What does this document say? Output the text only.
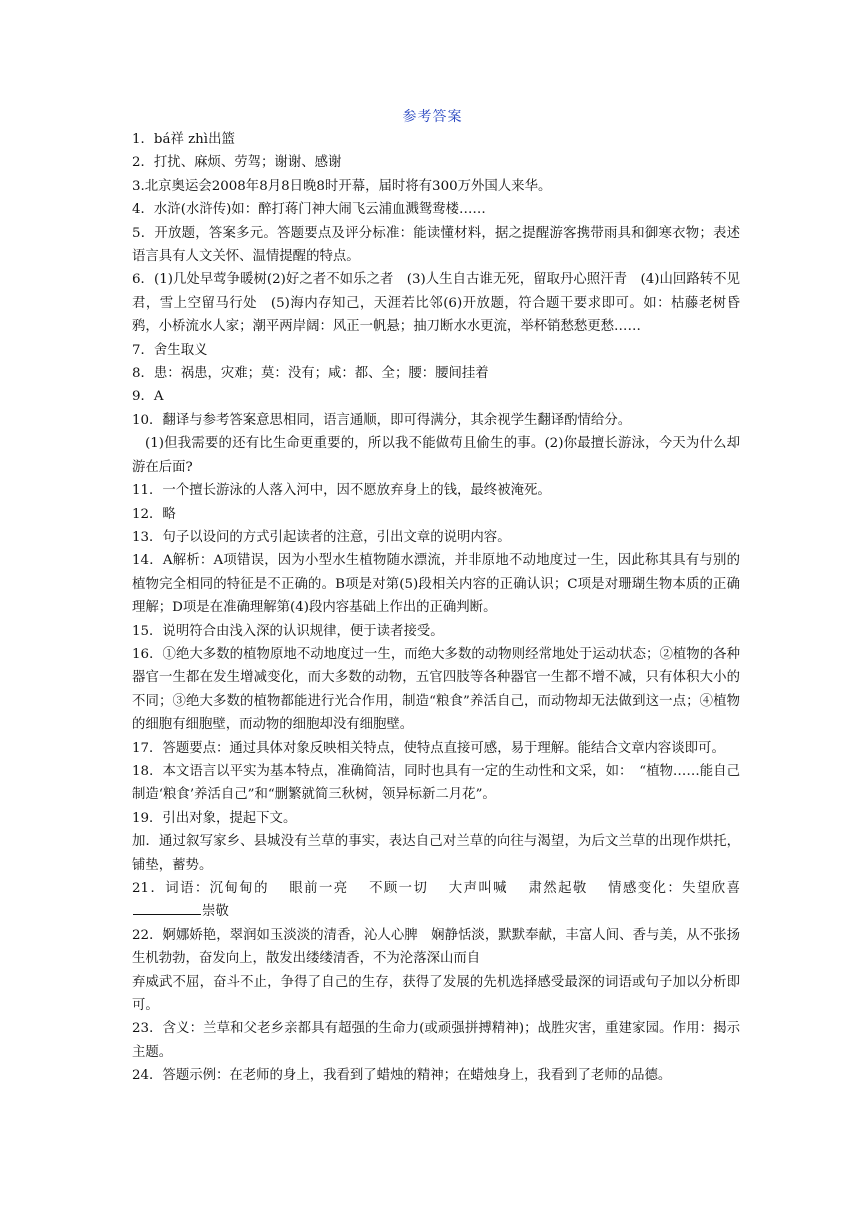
参考答案

1．bá祥 zhì出篮

2．打扰、麻烦、劳驾；谢谢、感谢

3.北京奥运会2008年8月8日晚8时开幕，届时将有300万外国人来华。

4．水浒(水浒传)如：醉打蒋门神大闹飞云浦血溅鸳鸯楼……

5．开放题，答案多元。答题要点及评分标准：能读懂材料，据之提醒游客携带雨具和御寒衣物；表述语言具有人文关怀、温情提醒的特点。

6．(1)几处早莺争暖树(2)好之者不如乐之者　(3)人生自古谁无死，留取丹心照汗青　(4)山回路转不见君，雪上空留马行处　(5)海内存知己，天涯若比邻(6)开放题，符合题干要求即可。如：枯藤老树昏鸦，小桥流水人家；潮平两岸阔：风正一帆悬；抽刀断水水更流，举杯销愁愁更愁……

7．舍生取义

8．患：祸患，灾难；莫：没有；咸：都、全；腰：腰间挂着

9．A

10．翻译与参考答案意思相同，语言通顺，即可得满分，其余视学生翻译酌情给分。

(1)但我需要的还有比生命更重要的，所以我不能做苟且偷生的事。(2)你最擅长游泳，今天为什么却游在后面?

11．一个擅长游泳的人落入河中，因不愿放弃身上的钱，最终被淹死。

12．略

13．句子以设问的方式引起读者的注意，引出文章的说明内容。

14．A解析：A项错误，因为小型水生植物随水漂流，并非原地不动地度过一生，因此称其具有与别的植物完全相同的特征是不正确的。B项是对第(5)段相关内容的正确认识；C项是对珊瑚生物本质的正确理解；D项是在准确理解第(4)段内容基础上作出的正确判断。

15．说明符合由浅入深的认识规律，便于读者接受。

16．①绝大多数的植物原地不动地度过一生，而绝大多数的动物则经常地处于运动状态；②植物的各种器官一生都在发生增减变化，而大多数的动物，五官四肢等各种器官一生都不增不减，只有体积大小的不同；③绝大多数的植物都能进行光合作用，制造“粮食”养活自己，而动物却无法做到这一点；④植物的细胞有细胞壁，而动物的细胞却没有细胞壁。

17．答题要点：通过具体对象反映相关特点，使特点直接可感，易于理解。能结合文章内容谈即可。

18．本文语言以平实为基本特点，准确简洁，同时也具有一定的生动性和文采，如：　“植物……能自己制造‘粮食’养活自己”和“删繁就简三秋树，领异标新二月花”。

19．引出对象，提起下文。

加．通过叙写家乡、县城没有兰草的事实，表达自己对兰草的向往与渴望，为后文兰草的出现作烘托，铺垫，蓄势。

21．词语：沉甸甸的　 眼前一亮　 不顾一切　 大声叫喊　 肃然起敬　 情感变化：失望欣喜崇敬

22．婀娜娇艳，翠润如玉淡淡的清香，沁人心脾　娴静恬淡，默默奉献，丰富人间、香与美，从不张扬　生机勃勃，奋发向上，散发出缕缕清香，不为沦落深山而自

弃威武不屈，奋斗不止，争得了自己的生存，获得了发展的先机选择感受最深的词语或句子加以分析即可。

23．含义：兰草和父老乡亲都具有超强的生命力(或顽强拼搏精神)；战胜灾害，重建家园。作用：揭示主题。

24．答题示例：在老师的身上，我看到了蜡烛的精神；在蜡烛身上，我看到了老师的品德。
